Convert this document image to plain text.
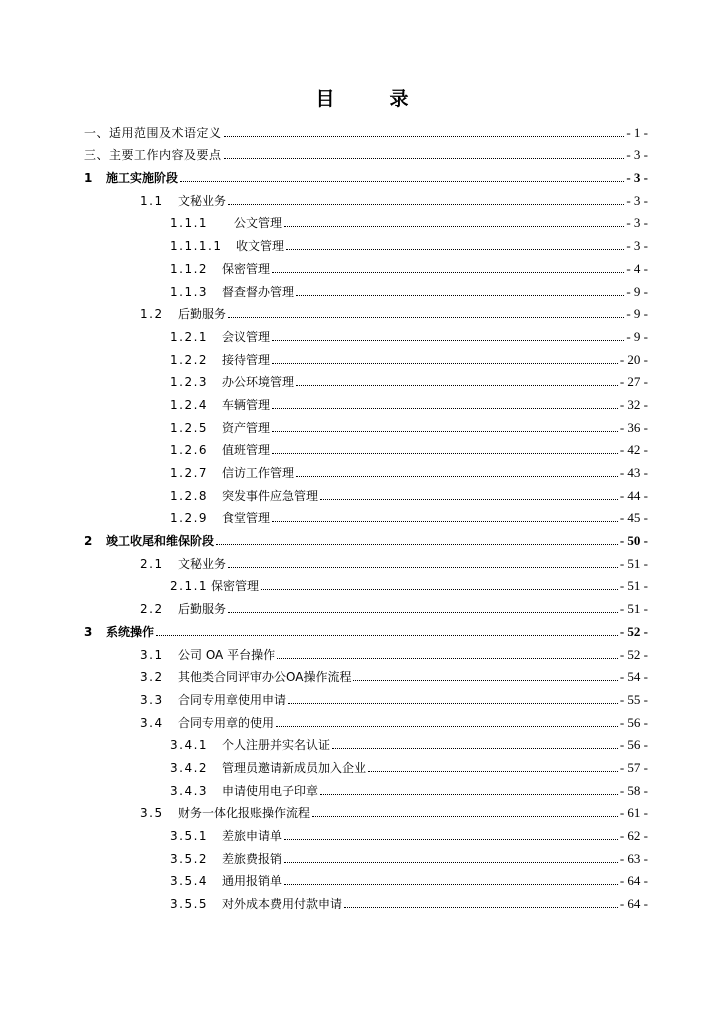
目　录
一、适用范围及术语定义	- 1 -
三、主要工作内容及要点	- 3 -
1	施工实施阶段	- 3 -
1.1	文秘业务	- 3 -
1.1.1	　公文管理	- 3 -
1.1.1.1	收文管理	- 3 -
1.1.2	保密管理	- 4 -
1.1.3	督查督办管理	- 9 -
1.2	后勤服务	- 9 -
1.2.1	会议管理	- 9 -
1.2.2	接待管理	- 20 -
1.2.3	办公环境管理	- 27 -
1.2.4	车辆管理	- 32 -
1.2.5	资产管理	- 36 -
1.2.6	值班管理	- 42 -
1.2.7	信访工作管理	- 43 -
1.2.8	突发事件应急管理	- 44 -
1.2.9	食堂管理	- 45 -
2	竣工收尾和维保阶段	- 50 -
2.1	文秘业务	- 51 -
2.1.1 保密管理	- 51 -
2.2	后勤服务	- 51 -
3	系统操作	- 52 -
3.1	公司 OA 平台操作	- 52 -
3.2	其他类合同评审办公OA操作流程	- 54 -
3.3	合同专用章使用申请	- 55 -
3.4	合同专用章的使用	- 56 -
3.4.1	个人注册并实名认证	- 56 -
3.4.2	管理员邀请新成员加入企业	- 57 -
3.4.3	申请使用电子印章	- 58 -
3.5	财务一体化报账操作流程	- 61 -
3.5.1	差旅申请单	- 62 -
3.5.2	差旅费报销	- 63 -
3.5.4	通用报销单	- 64 -
3.5.5	对外成本费用付款申请	- 64 -
